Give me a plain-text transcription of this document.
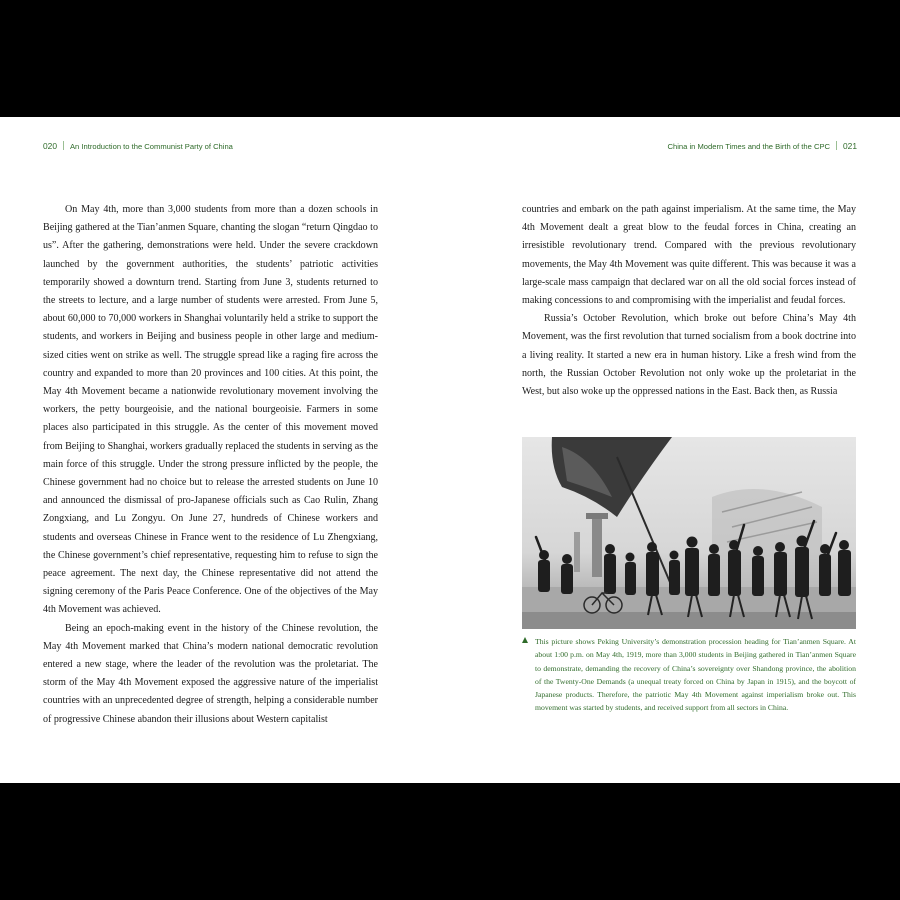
020 An Introduction to the Communist Party of China	China in Modern Times and the Birth of the CPC 021

On May 4th, more than 3,000 students from more than a dozen schools in Beijing gathered at the Tian’anmen Square, chanting the slogan “return Qingdao to us”. After the gathering, demonstrations were held. Under the severe crackdown launched by the government authorities, the students’ patriotic activities temporarily showed a downturn trend. Starting from June 3, students returned to the streets to lecture, and a large number of students were arrested. From June 5, about 60,000 to 70,000 workers in Shanghai voluntarily held a strike to support the students, and workers in Beijing and business people in other large and medium-sized cities went on strike as well. The struggle spread like a raging fire across the country and expanded to more than 20 provinces and 100 cities. At this point, the May 4th Movement became a nationwide revolutionary movement involving the workers, the petty bourgeoisie, and the national bourgeoisie. Farmers in some places also participated in this struggle. As the center of this movement moved from Beijing to Shanghai, workers gradually replaced the students in serving as the main force of this struggle. Under the strong pressure inflicted by the people, the Chinese government had no choice but to release the arrested students on June 10 and announced the dismissal of pro-Japanese officials such as Cao Rulin, Zhang Zongxiang, and Lu Zongyu. On June 27, hundreds of Chinese workers and students and overseas Chinese in France went to the residence of Lu Zhengxiang, the Chinese government’s chief representative, requesting him to refuse to sign the peace agreement. The next day, the Chinese representative did not attend the signing ceremony of the Paris Peace Conference. One of the objectives of the May 4th Movement was achieved.

Being an epoch-making event in the history of the Chinese revolution, the May 4th Movement marked that China’s modern national democratic revolution entered a new stage, where the leader of the revolution was the proletariat. The storm of the May 4th Movement exposed the aggressive nature of the imperialist countries with an unprecedented degree of strength, helping a considerable number of progressive Chinese abandon their illusions about Western capitalist

countries and embark on the path against imperialism. At the same time, the May 4th Movement dealt a great blow to the feudal forces in China, creating an irresistible revolutionary trend. Compared with the previous revolutionary movements, the May 4th Movement was quite different. This was because it was a large-scale mass campaign that declared war on all the old social forces instead of making concessions to and compromising with the imperialist and feudal forces.

Russia’s October Revolution, which broke out before China’s May 4th Movement, was the first revolution that turned socialism from a book doctrine into a living reality. It started a new era in human history. Like a fresh wind from the north, the Russian October Revolution not only woke up the proletariat in the West, but also woke up the oppressed nations in the East. Back then, as Russia

This picture shows Peking University’s demonstration procession heading for Tian’anmen Square. At about 1:00 p.m. on May 4th, 1919, more than 3,000 students in Beijing gathered in Tian’anmen Square to demonstrate, demanding the recovery of China’s sovereignty over Shandong province, the abolition of the Twenty-One Demands (a unequal treaty forced on China by Japan in 1915), and the boycott of Japanese products. Therefore, the patriotic May 4th Movement against imperialism broke out. This movement was started by students, and received support from all sectors in China.
